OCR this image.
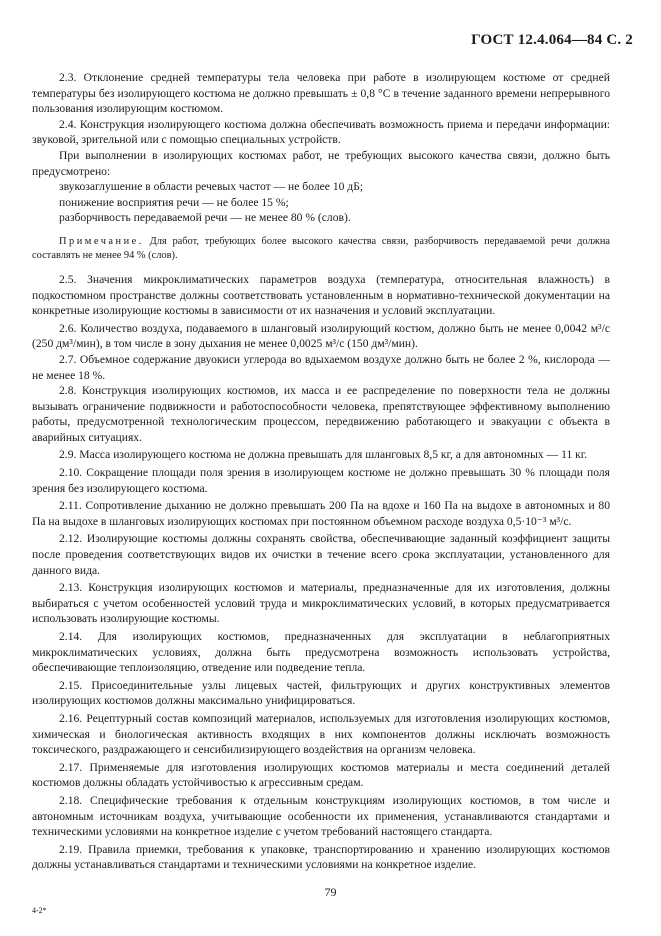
ГОСТ 12.4.064—84 С. 2

2.3. Отклонение средней температуры тела человека при работе в изолирующем костюме от средней температуры без изолирующего костюма не должно превышать ± 0,8 °С в течение заданного времени непрерывного пользования изолирующим костюмом.

2.4. Конструкция изолирующего костюма должна обеспечивать возможность приема и передачи информации: звуковой, зрительной или с помощью специальных устройств.

При выполнении в изолирующих костюмах работ, не требующих высокого качества связи, должно быть предусмотрено:

звукозаглушение в области речевых частот — не более 10 дБ;

понижение восприятия речи — не более 15 %;

разборчивость передаваемой речи — не менее 80 % (слов).

Примечание. Для работ, требующих более высокого качества связи, разборчивость передаваемой речи должна составлять не менее 94 % (слов).

2.5. Значения микроклиматических параметров воздуха (температура, относительная влажность) в подкостюмном пространстве должны соответствовать установленным в нормативно-технической документации на конкретные изолирующие костюмы в зависимости от их назначения и условий эксплуатации.

2.6. Количество воздуха, подаваемого в шланговый изолирующий костюм, должно быть не менее 0,0042 м³/с (250 дм³/мин), в том числе в зону дыхания не менее 0,0025 м³/с (150 дм³/мин).

2.7. Объемное содержание двуокиси углерода во вдыхаемом воздухе должно быть не более 2 %, кислорода — не менее 18 %.

2.8. Конструкция изолирующих костюмов, их масса и ее распределение по поверхности тела не должны вызывать ограничение подвижности и работоспособности человека, препятствующее эффективному выполнению работы, предусмотренной технологическим процессом, передвижению работающего и эвакуации с объекта в аварийных ситуациях.

2.9. Масса изолирующего костюма не должна превышать для шланговых 8,5 кг, а для автономных — 11 кг.

2.10. Сокращение площади поля зрения в изолирующем костюме не должно превышать 30 % площади поля зрения без изолирующего костюма.

2.11. Сопротивление дыханию не должно превышать 200 Па на вдохе и 160 Па на выдохе в автономных и 80 Па на выдохе в шланговых изолирующих костюмах при постоянном объемном расходе воздуха 0,5·10⁻³ м³/с.

2.12. Изолирующие костюмы должны сохранять свойства, обеспечивающие заданный коэффициент защиты после проведения соответствующих видов их очистки в течение всего срока эксплуатации, установленного для данного вида.

2.13. Конструкция изолирующих костюмов и материалы, предназначенные для их изготовления, должны выбираться с учетом особенностей условий труда и микроклиматических условий, в которых предусматривается использовать изолирующие костюмы.

2.14. Для изолирующих костюмов, предназначенных для эксплуатации в неблагоприятных микроклиматических условиях, должна быть предусмотрена возможность использовать устройства, обеспечивающие теплоизоляцию, отведение или подведение тепла.

2.15. Присоединительные узлы лицевых частей, фильтрующих и других конструктивных элементов изолирующих костюмов должны максимально унифицироваться.

2.16. Рецептурный состав композиций материалов, используемых для изготовления изолирующих костюмов, химическая и биологическая активность входящих в них компонентов должны исключать возможность токсического, раздражающего и сенсибилизирующего воздействия на организм человека.

2.17. Применяемые для изготовления изолирующих костюмов материалы и места соединений деталей костюмов должны обладать устойчивостью к агрессивным средам.

2.18. Специфические требования к отдельным конструкциям изолирующих костюмов, в том числе и автономным источникам воздуха, учитывающие особенности их применения, устанавливаются стандартами и техническими условиями на конкретное изделие с учетом требований настоящего стандарта.

2.19. Правила приемки, требования к упаковке, транспортированию и хранению изолирующих костюмов должны устанавливаться стандартами и техническими условиями на конкретное изделие.

79
4-2*
